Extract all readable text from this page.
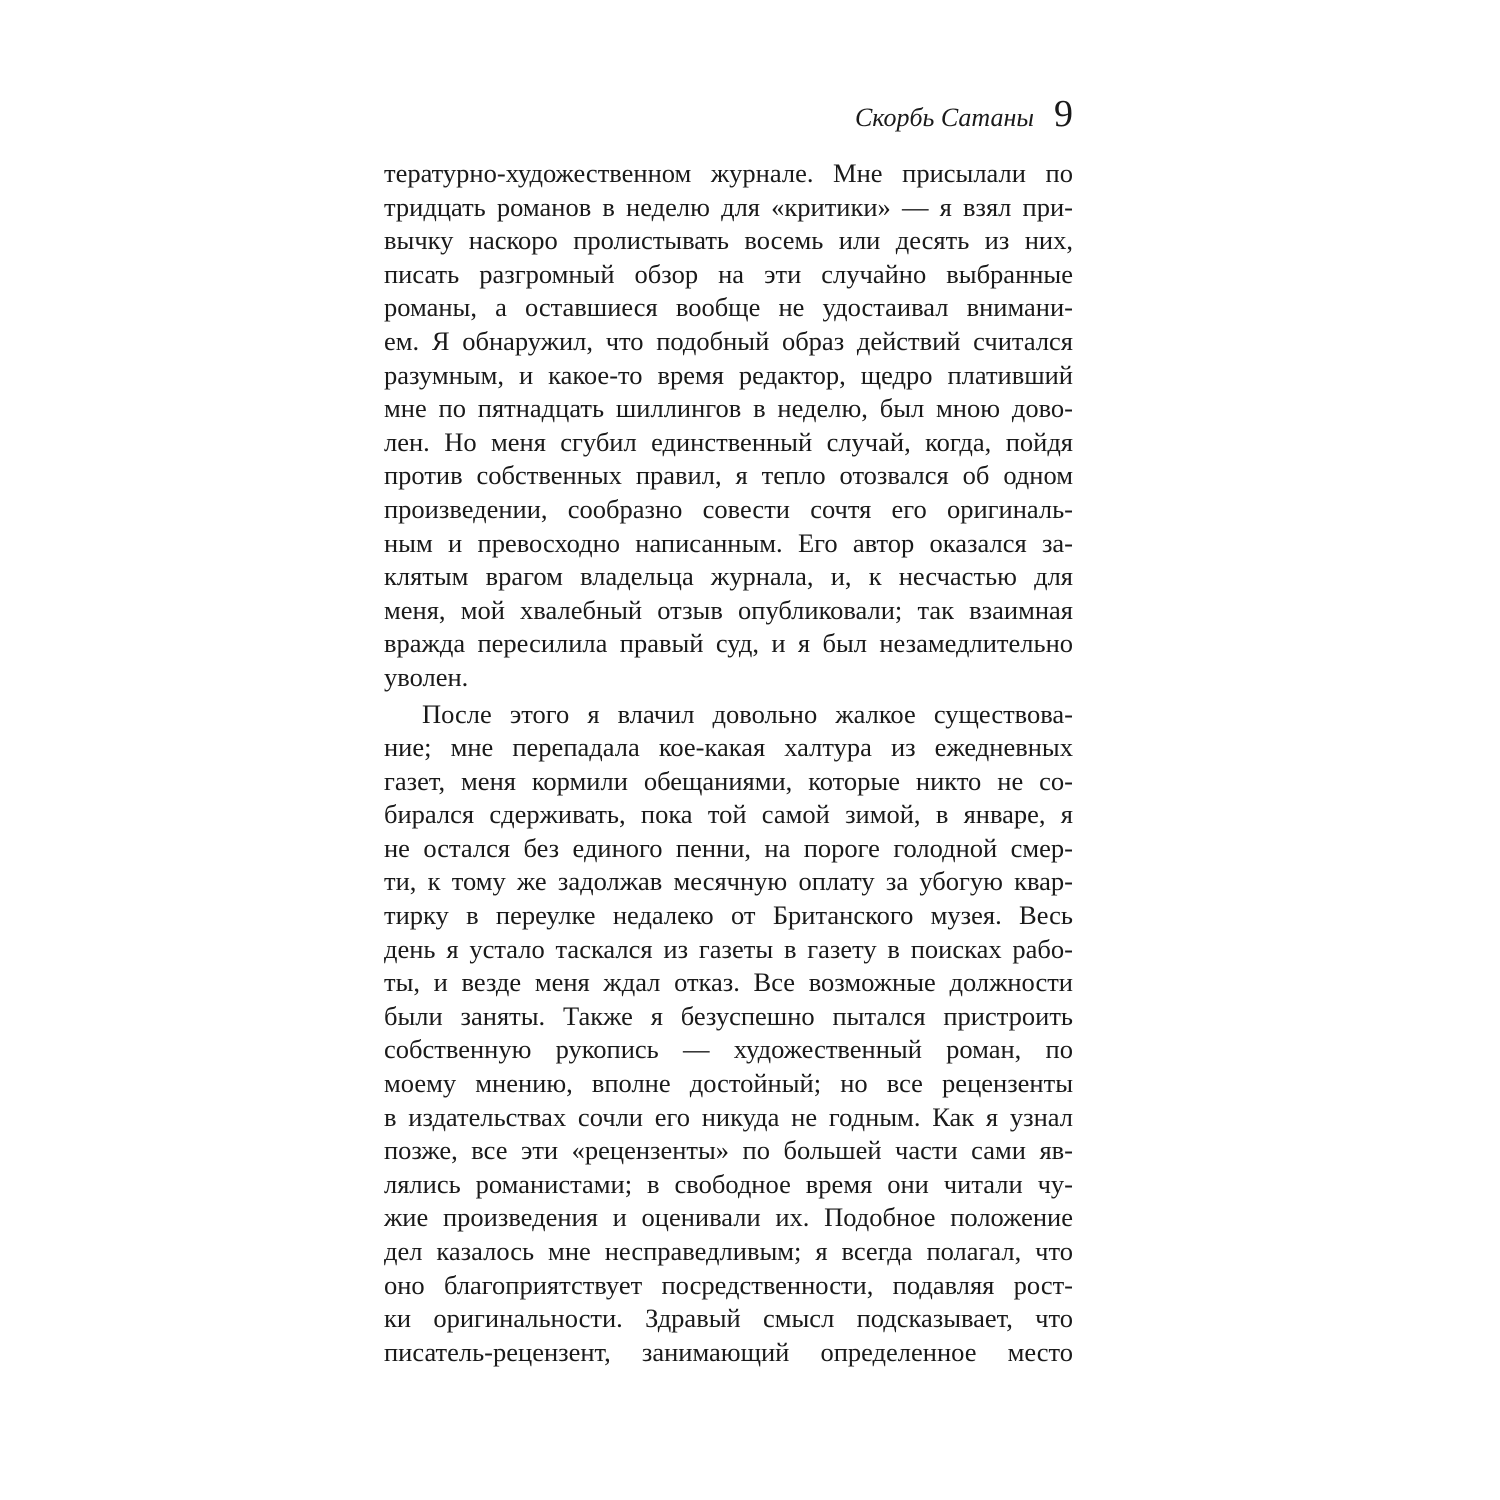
Скорбь Сатаны 9
тературно-художественном журнале. Мне присылали по
тридцать романов в неделю для «критики» — я взял при-
вычку наскоро пролистывать восемь или десять из них,
писать разгромный обзор на эти случайно выбранные
романы, а оставшиеся вообще не удостаивал внимани-
ем. Я обнаружил, что подобный образ действий считался
разумным, и какое-то время редактор, щедро плативший
мне по пятнадцать шиллингов в неделю, был мною дово-
лен. Но меня сгубил единственный случай, когда, пойдя
против собственных правил, я тепло отозвался об одном
произведении, сообразно совести сочтя его оригиналь-
ным и превосходно написанным. Его автор оказался за-
клятым врагом владельца журнала, и, к несчастью для
меня, мой хвалебный отзыв опубликовали; так взаимная
вражда пересилила правый суд, и я был незамедлительно
уволен.
После этого я влачил довольно жалкое существова-
ние; мне перепадала кое-какая халтура из ежедневных
газет, меня кормили обещаниями, которые никто не со-
бирался сдерживать, пока той самой зимой, в январе, я
не остался без единого пенни, на пороге голодной смер-
ти, к тому же задолжав месячную оплату за убогую квар-
тирку в переулке недалеко от Британского музея. Весь
день я устало таскался из газеты в газету в поисках рабо-
ты, и везде меня ждал отказ. Все возможные должности
были заняты. Также я безуспешно пытался пристроить
собственную рукопись — художественный роман, по
моему мнению, вполне достойный; но все рецензенты
в издательствах сочли его никуда не годным. Как я узнал
позже, все эти «рецензенты» по большей части сами яв-
лялись романистами; в свободное время они читали чу-
жие произведения и оценивали их. Подобное положение
дел казалось мне несправедливым; я всегда полагал, что
оно благоприятствует посредственности, подавляя рост-
ки оригинальности. Здравый смысл подсказывает, что
писатель-рецензент, занимающий определенное место
